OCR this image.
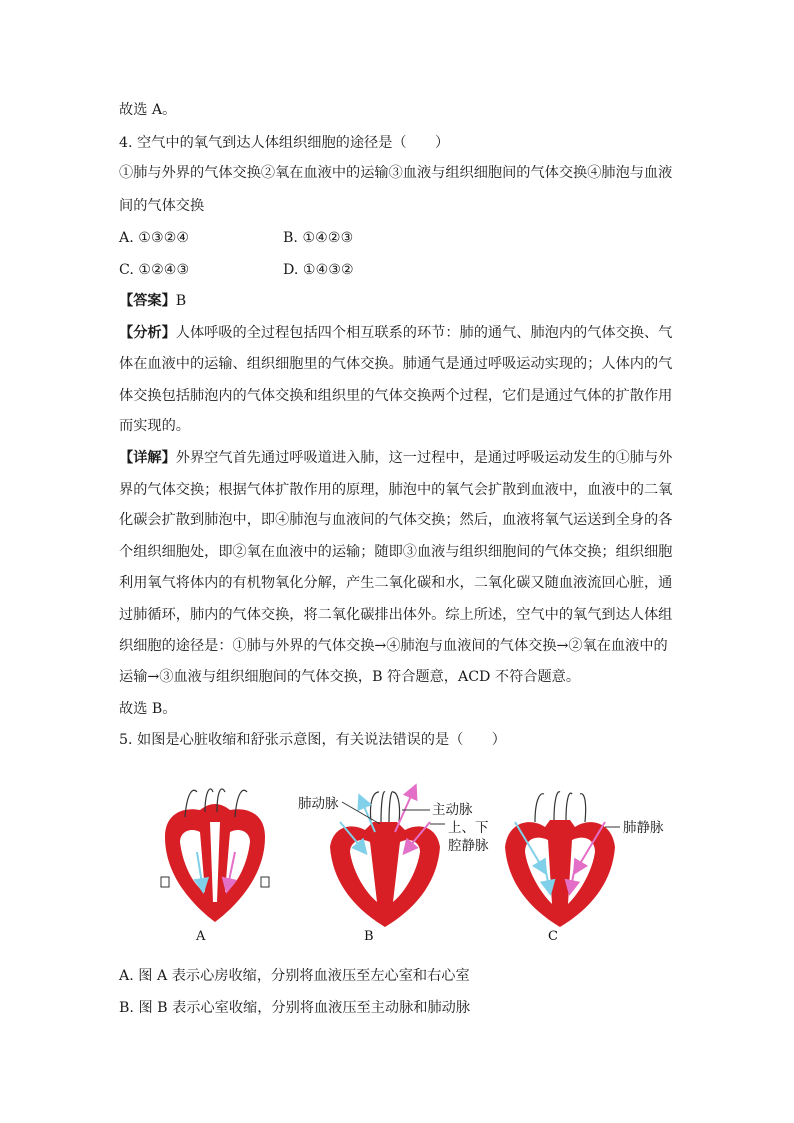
故选 A。
4. 空气中的氧气到达人体组织细胞的途径是（　　）
①肺与外界的气体交换②氧在血液中的运输③血液与组织细胞间的气体交换④肺泡与血液
间的气体交换
A. ①③②④	B. ①④②③
C. ①②④③	D. ①④③②
【答案】B
【分析】人体呼吸的全过程包括四个相互联系的环节：肺的通气、肺泡内的气体交换、气
体在血液中的运输、组织细胞里的气体交换。肺通气是通过呼吸运动实现的；人体内的气
体交换包括肺泡内的气体交换和组织里的气体交换两个过程，它们是通过气体的扩散作用
而实现的。
【详解】外界空气首先通过呼吸道进入肺，这一过程中，是通过呼吸运动发生的①肺与外
界的气体交换；根据气体扩散作用的原理，肺泡中的氧气会扩散到血液中，血液中的二氧
化碳会扩散到肺泡中，即④肺泡与血液间的气体交换；然后，血液将氧气运送到全身的各
个组织细胞处，即②氧在血液中的运输；随即③血液与组织细胞间的气体交换；组织细胞
利用氧气将体内的有机物氧化分解，产生二氧化碳和水，二氧化碳又随血液流回心脏，通
过肺循环，肺内的气体交换，将二氧化碳排出体外。综上所述，空气中的氧气到达人体组
织细胞的途径是：①肺与外界的气体交换→④肺泡与血液间的气体交换→②氧在血液中的
运输→③血液与组织细胞间的气体交换，B 符合题意，ACD 不符合题意。
故选 B。
5. 如图是心脏收缩和舒张示意图，有关说法错误的是（　　）
肺动脉	主动脉
上、下
腔静脉
肺静脉
A	B	C
A. 图 A 表示心房收缩，分别将血液压至左心室和右心室
B. 图 B 表示心室收缩，分别将血液压至主动脉和肺动脉
